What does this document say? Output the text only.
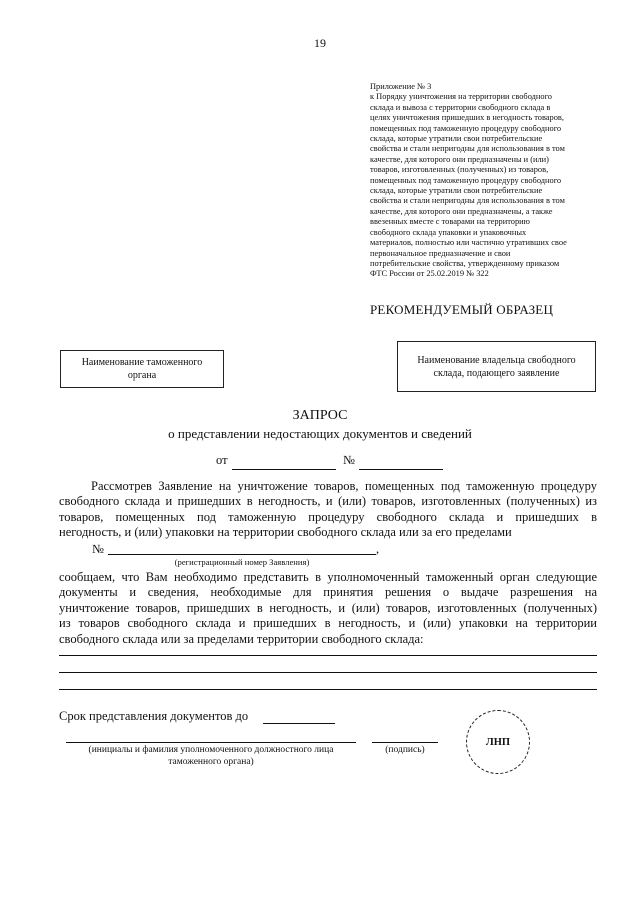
19
Приложение № 3
к Порядку уничтожения на территории свободного
склада и вывоза с территории свободного склада в
целях уничтожения пришедших в негодность товаров,
помещенных под таможенную процедуру свободного
склада, которые утратили свои потребительские
свойства и стали непригодны для использования в том
качестве, для которого они предназначены и (или)
товаров, изготовленных (полученных) из товаров,
помещенных под таможенную процедуру свободного
склада, которые утратили свои потребительские
свойства и стали непригодны для использования в том
качестве, для которого они предназначены, а также
ввезенных вместе с товарами на территорию
свободного склада упаковки и упаковочных
материалов, полностью или частично утративших свое
первоначальное предназначение и свои
потребительские свойства, утвержденному приказом
ФТС России от 25.02.2019 № 322
РЕКОМЕНДУЕМЫЙ ОБРАЗЕЦ
Наименование таможенного
органа
Наименование владельца свободного
склада, подающего заявление
ЗАПРОС
о представлении недостающих документов и сведений
от	№
Рассмотрев Заявление на уничтожение товаров, помещенных под таможенную процедуру
свободного склада и пришедших в негодность, и (или) товаров, изготовленных (полученных) из
товаров, помещенных под таможенную процедуру свободного склада и пришедших в
негодность, и (или) упаковки на территории свободного склада или за его пределами
№	,
(регистрационный номер Заявления)
сообщаем, что Вам необходимо представить в уполномоченный таможенный орган следующие
документы и сведения, необходимые для принятия решения о выдаче разрешения на
уничтожение товаров, пришедших в негодность, и (или) товаров, изготовленных (полученных)
из товаров свободного склада и пришедших в негодность, и (или) упаковки на территории
свободного склада или за пределами территории свободного склада:
Срок представления документов до
(инициалы и фамилия уполномоченного должностного лица
таможенного органа)
(подпись)
ЛНП
